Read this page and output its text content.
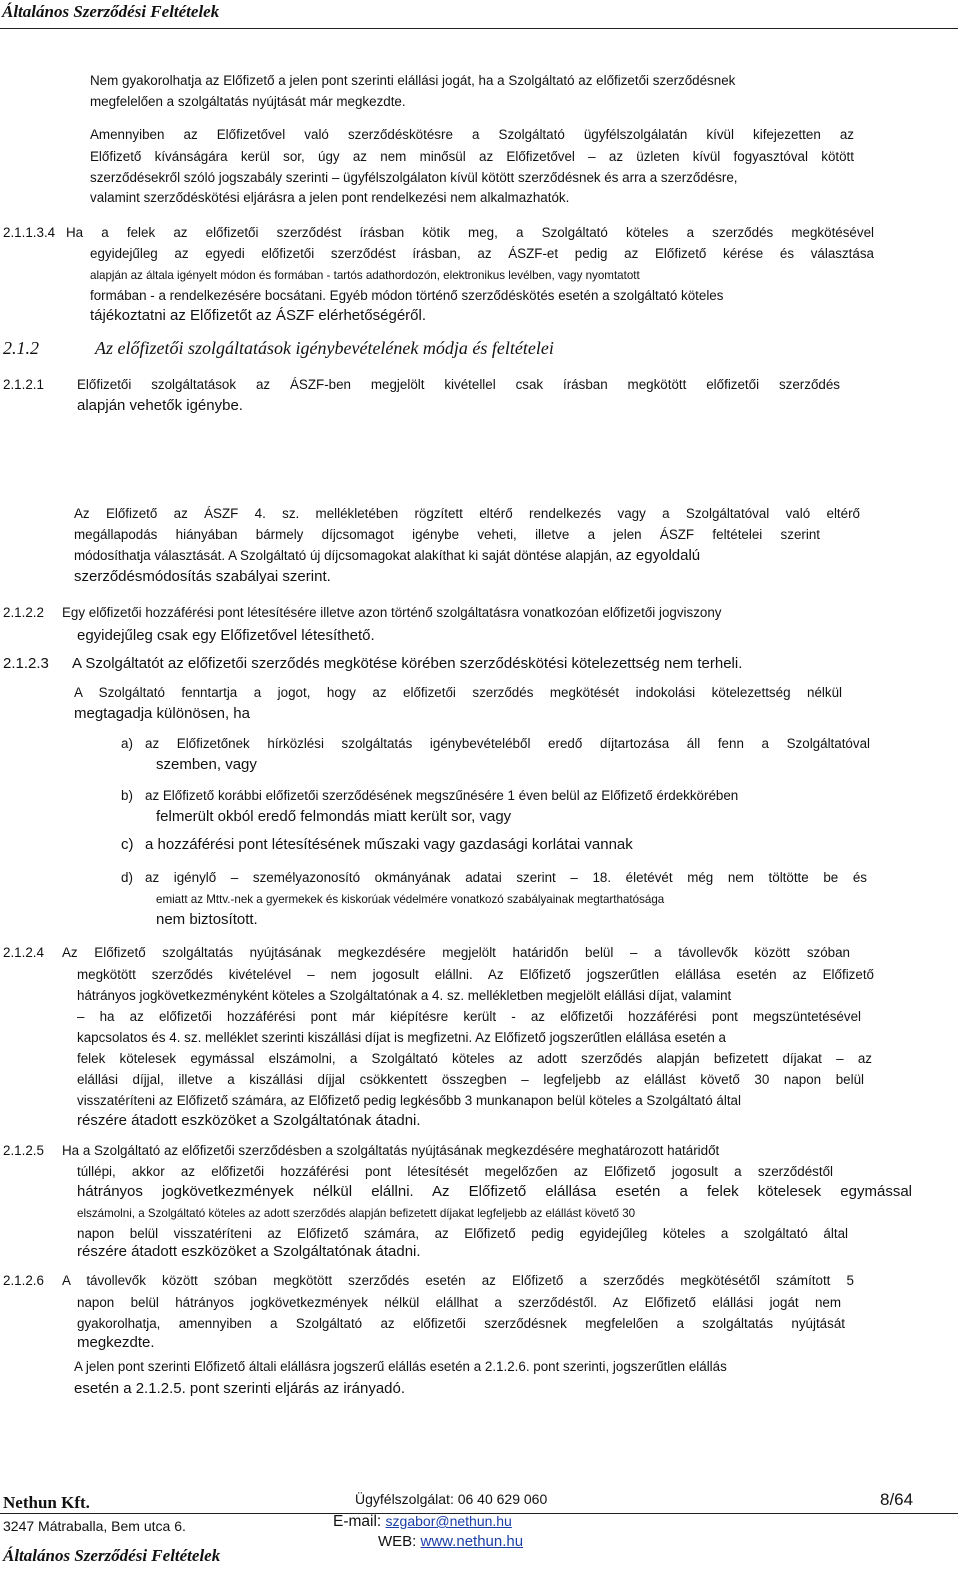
Általános Szerződési Feltételek
Nem gyakorolhatja az Előfizető a jelen pont szerinti elállási jogát, ha a Szolgáltató az előfizetői szerződésnek
megfelelően a szolgáltatás nyújtását már megkezdte.
Amennyiben az Előfizetővel való szerződéskötésre a Szolgáltató ügyfélszolgálatán kívül kifejezetten az
Előfizető kívánságára kerül sor, úgy az nem minősül az Előfizetővel – az üzleten kívül fogyasztóval kötött
szerződésekről szóló jogszabály szerinti – ügyfélszolgálaton kívül kötött szerződésnek és arra a szerződésre,
valamint szerződéskötési eljárásra a jelen pont rendelkezési nem alkalmazhatók.
2.1.1.3.4 Ha a felek az előfizetői szerződést írásban kötik meg, a Szolgáltató köteles a szerződés megkötésével
egyidejűleg az egyedi előfizetői szerződést írásban, az ÁSZF-et pedig az Előfizető kérése és választása
alapján az általa igényelt módon és formában - tartós adathordozón, elektronikus levélben, vagy nyomtatott
formában - a rendelkezésére bocsátani. Egyéb módon történő szerződéskötés esetén a szolgáltató köteles
tájékoztatni az Előfizetőt az ÁSZF elérhetőségéről.
2.1.2	Az előfizetői szolgáltatások igénybevételének módja és feltételei
2.1.2.1 Előfizetői szolgáltatások az ÁSZF-ben megjelölt kivétellel csak írásban megkötött előfizetői szerződés
alapján vehetők igénybe.
Az Előfizető az ÁSZF 4. sz. mellékletében rögzített eltérő rendelkezés vagy a Szolgáltatóval való eltérő
megállapodás hiányában bármely díjcsomagot igénybe veheti, illetve a jelen ÁSZF feltételei szerint
módosíthatja választását. A Szolgáltató új díjcsomagokat alakíthat ki saját döntése alapján, az egyoldalú
szerződésmódosítás szabályai szerint.
2.1.2.2 Egy előfizetői hozzáférési pont létesítésére illetve azon történő szolgáltatásra vonatkozóan előfizetői jogviszony
egyidejűleg csak egy Előfizetővel létesíthető.
2.1.2.3 A Szolgáltatót az előfizetői szerződés megkötése körében szerződéskötési kötelezettség nem terheli.
A Szolgáltató fenntartja a jogot, hogy az előfizetői szerződés megkötését indokolási kötelezettség nélkül
megtagadja különösen, ha
a) az Előfizetőnek hírközlési szolgáltatás igénybevételéből eredő díjtartozása áll fenn a Szolgáltatóval
szemben, vagy
b) az Előfizető korábbi előfizetői szerződésének megszűnésére 1 éven belül az Előfizető érdekkörében
felmerült okból eredő felmondás miatt került sor, vagy
c) a hozzáférési pont létesítésének műszaki vagy gazdasági korlátai vannak
d) az igénylő – személyazonosító okmányának adatai szerint – 18. életévét még nem töltötte be és
emiatt az Mttv.-nek a gyermekek és kiskorúak védelmére vonatkozó szabályainak megtarthatósága
nem biztosított.
2.1.2.4 Az Előfizető szolgáltatás nyújtásának megkezdésére megjelölt határidőn belül – a távollevők között szóban
megkötött szerződés kivételével – nem jogosult elállni. Az Előfizető jogszerűtlen elállása esetén az Előfizető
hátrányos jogkövetkezményként köteles a Szolgáltatónak a 4. sz. mellékletben megjelölt elállási díjat, valamint
– ha az előfizetői hozzáférési pont már kiépítésre került - az előfizetői hozzáférési pont megszüntetésével
kapcsolatos és 4. sz. melléklet szerinti kiszállási díjat is megfizetni. Az Előfizető jogszerűtlen elállása esetén a
felek kötelesek egymással elszámolni, a Szolgáltató köteles az adott szerződés alapján befizetett díjakat – az
elállási díjjal, illetve a kiszállási díjjal csökkentett összegben – legfeljebb az elállást követő 30 napon belül
visszatéríteni az Előfizető számára, az Előfizető pedig legkésőbb 3 munkanapon belül köteles a Szolgáltató által
részére átadott eszközöket a Szolgáltatónak átadni.
2.1.2.5 Ha a Szolgáltató az előfizetői szerződésben a szolgáltatás nyújtásának megkezdésére meghatározott határidőt
túllépi, akkor az előfizetői hozzáférési pont létesítését megelőzően az Előfizető jogosult a szerződéstől
hátrányos jogkövetkezmények nélkül elállni. Az Előfizető elállása esetén a felek kötelesek egymással
elszámolni, a Szolgáltató köteles az adott szerződés alapján befizetett díjakat legfeljebb az elállást követő 30
napon belül visszatéríteni az Előfizető számára, az Előfizető pedig egyidejűleg köteles a szolgáltató által
részére átadott eszközöket a Szolgáltatónak átadni.
2.1.2.6 A távollevők között szóban megkötött szerződés esetén az Előfizető a szerződés megkötésétől számított 5
napon belül hátrányos jogkövetkezmények nélkül elállhat a szerződéstől. Az Előfizető elállási jogát nem
gyakorolhatja, amennyiben a Szolgáltató az előfizetői szerződésnek megfelelően a szolgáltatás nyújtását
megkezdte.
A jelen pont szerinti Előfizető általi elállásra jogszerű elállás esetén a 2.1.2.6. pont szerinti, jogszerűtlen elállás
esetén a 2.1.2.5. pont szerinti eljárás az irányadó.
Nethun Kft.	Ügyfélszolgálat: 06 40 629 060	8/64
3247 Mátraballa, Bem utca 6.	E-mail: szgabor@nethun.hu
WEB: www.nethun.hu
Általános Szerződési Feltételek
